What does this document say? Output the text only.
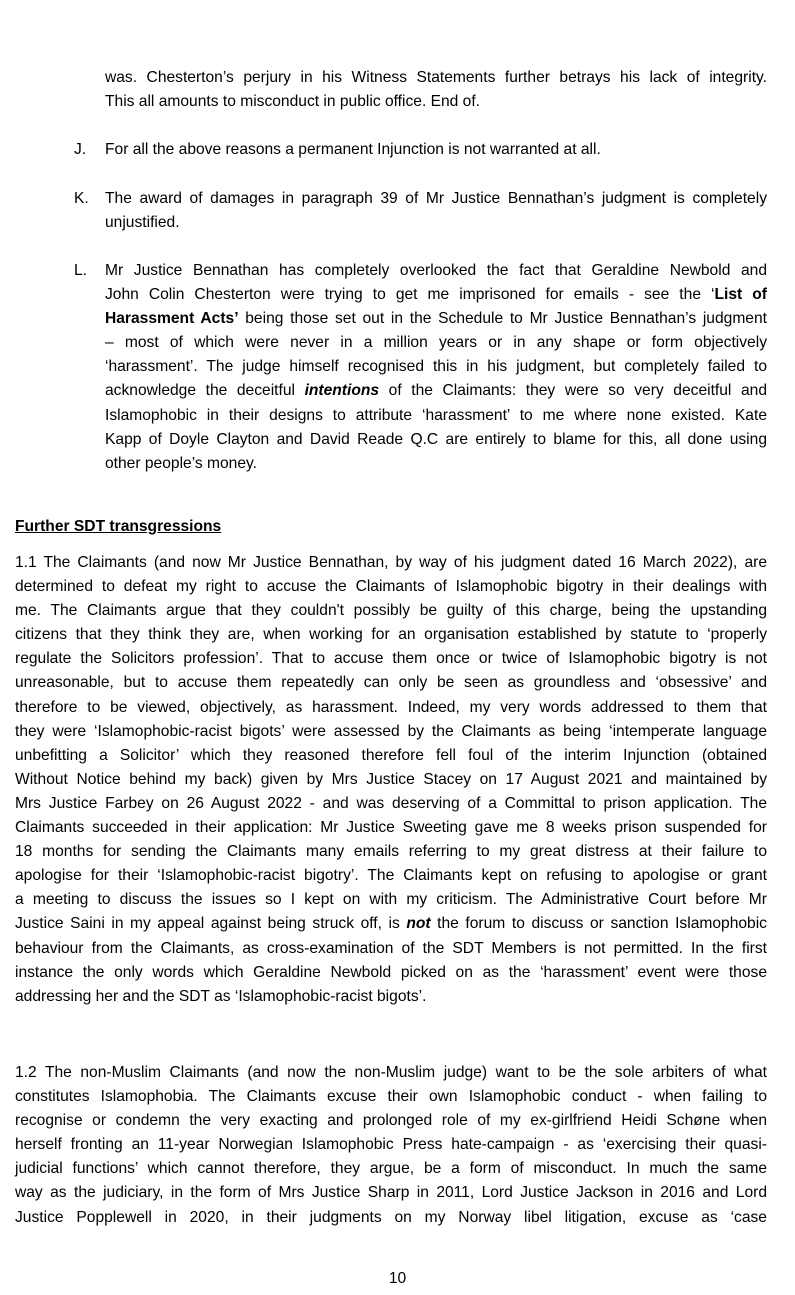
was. Chesterton’s perjury in his Witness Statements further betrays his lack of integrity.
This all amounts to misconduct in public office. End of.
J. For all the above reasons a permanent Injunction is not warranted at all.
K. The award of damages in paragraph 39 of Mr Justice Bennathan’s judgment is completely
unjustified.
L. Mr Justice Bennathan has completely overlooked the fact that Geraldine Newbold and
John Colin Chesterton were trying to get me imprisoned for emails - see the ‘List of
Harassment Acts’ being those set out in the Schedule to Mr Justice Bennathan’s judgment
– most of which were never in a million years or in any shape or form objectively
‘harassment’. The judge himself recognised this in his judgment, but completely failed to
acknowledge the deceitful intentions of the Claimants: they were so very deceitful and
Islamophobic in their designs to attribute ‘harassment’ to me where none existed. Kate
Kapp of Doyle Clayton and David Reade Q.C are entirely to blame for this, all done using
other people’s money.
Further SDT transgressions
1.1 The Claimants (and now Mr Justice Bennathan, by way of his judgment dated 16 March 2022), are
determined to defeat my right to accuse the Claimants of Islamophobic bigotry in their dealings with
me. The Claimants argue that they couldn't possibly be guilty of this charge, being the upstanding
citizens that they think they are, when working for an organisation established by statute to ‘properly
regulate the Solicitors profession’. That to accuse them once or twice of Islamophobic bigotry is not
unreasonable, but to accuse them repeatedly can only be seen as groundless and ‘obsessive’ and
therefore to be viewed, objectively, as harassment. Indeed, my very words addressed to them that
they were ‘Islamophobic-racist bigots’ were assessed by the Claimants as being ‘intemperate language
unbefitting a Solicitor’ which they reasoned therefore fell foul of the interim Injunction (obtained
Without Notice behind my back) given by Mrs Justice Stacey on 17 August 2021 and maintained by
Mrs Justice Farbey on 26 August 2022 - and was deserving of a Committal to prison application. The
Claimants succeeded in their application: Mr Justice Sweeting gave me 8 weeks prison suspended for
18 months for sending the Claimants many emails referring to my great distress at their failure to
apologise for their ‘Islamophobic-racist bigotry’. The Claimants kept on refusing to apologise or grant
a meeting to discuss the issues so I kept on with my criticism. The Administrative Court before Mr
Justice Saini in my appeal against being struck off, is not the forum to discuss or sanction Islamophobic
behaviour from the Claimants, as cross-examination of the SDT Members is not permitted. In the first
instance the only words which Geraldine Newbold picked on as the ‘harassment’ event were those
addressing her and the SDT as ‘Islamophobic-racist bigots’.
1.2 The non-Muslim Claimants (and now the non-Muslim judge) want to be the sole arbiters of what
constitutes Islamophobia. The Claimants excuse their own Islamophobic conduct - when failing to
recognise or condemn the very exacting and prolonged role of my ex-girlfriend Heidi Schøne when
herself fronting an 11-year Norwegian Islamophobic Press hate-campaign - as ‘exercising their quasi-
judicial functions’ which cannot therefore, they argue, be a form of misconduct. In much the same
way as the judiciary, in the form of Mrs Justice Sharp in 2011, Lord Justice Jackson in 2016 and Lord
Justice Popplewell in 2020, in their judgments on my Norway libel litigation, excuse as ‘case
10
